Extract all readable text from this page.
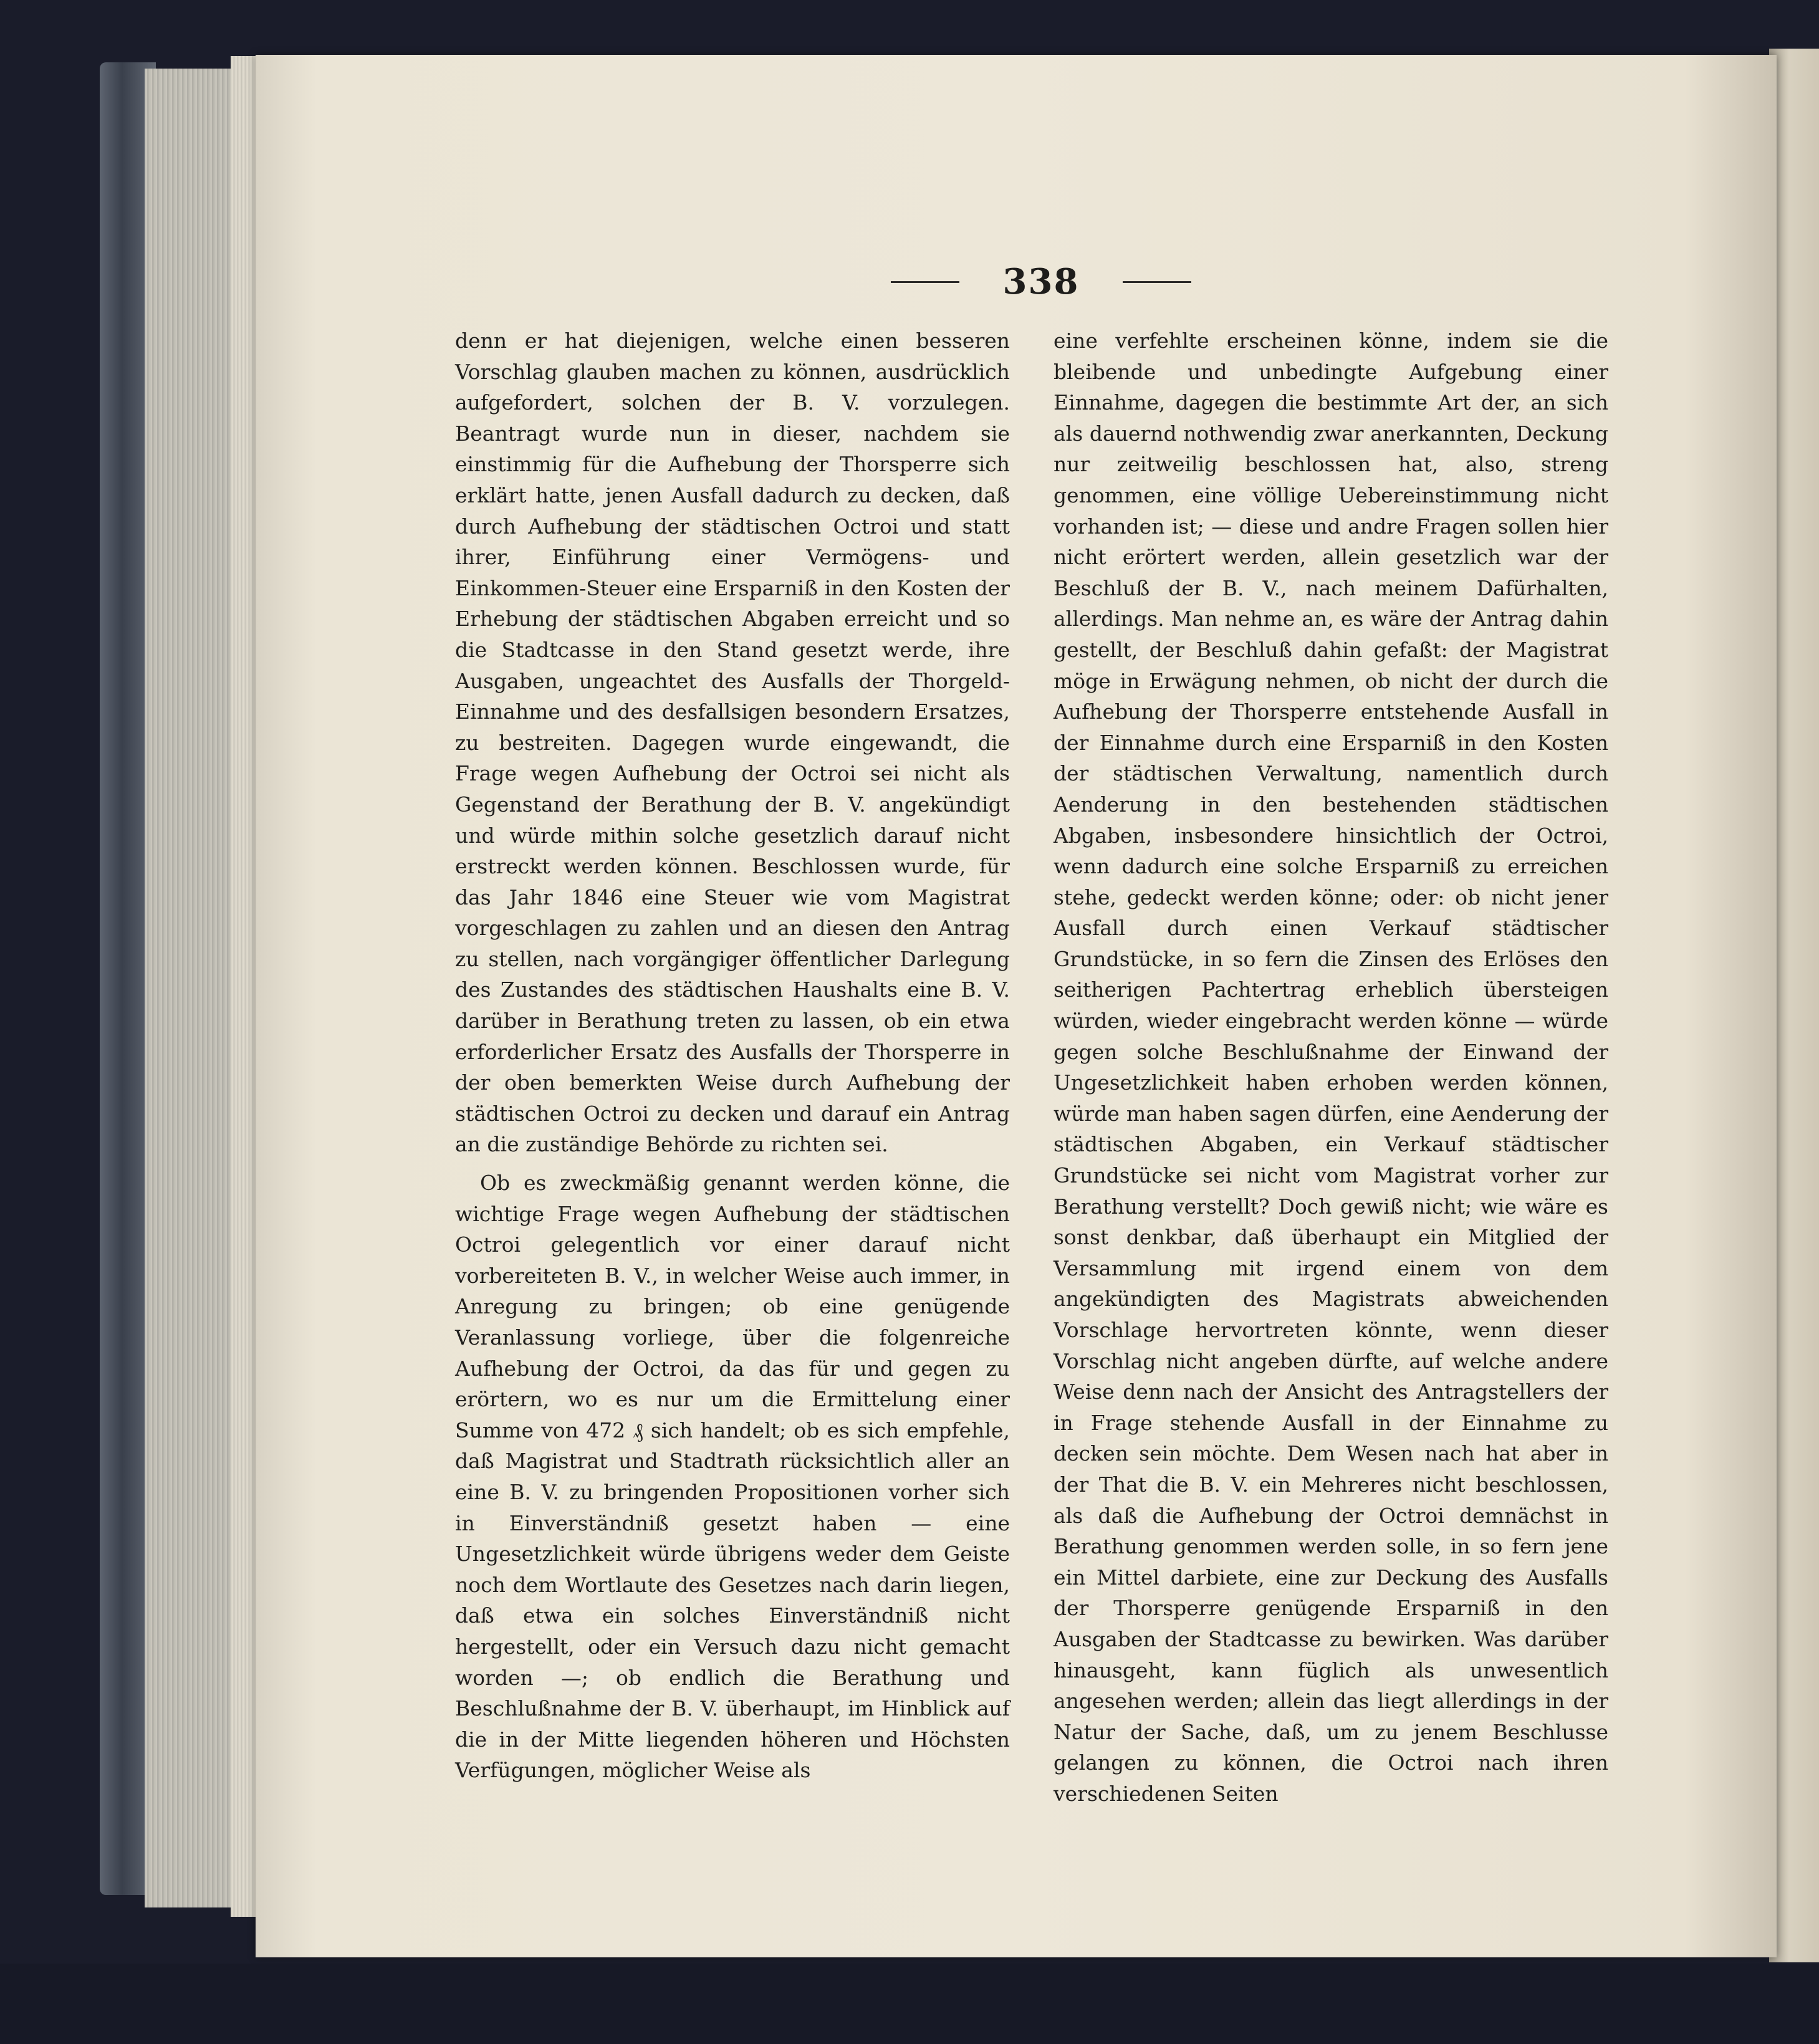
338

denn er hat diejenigen, welche einen besseren Vorschlag glauben machen zu können, ausdrücklich aufgefordert, solchen der B. V. vorzulegen. Beantragt wurde nun in dieser, nachdem sie einstimmig für die Aufhebung der Thorsperre sich erklärt hatte, jenen Ausfall dadurch zu decken, daß durch Aufhebung der städtischen Octroi und statt ihrer, Einführung einer Vermögens- und Einkommen-Steuer eine Ersparniß in den Kosten der Erhebung der städtischen Abgaben erreicht und so die Stadtcasse in den Stand gesetzt werde, ihre Ausgaben, ungeachtet des Ausfalls der Thorgeld-Einnahme und des desfallsigen besondern Ersatzes, zu bestreiten. Dagegen wurde eingewandt, die Frage wegen Aufhebung der Octroi sei nicht als Gegenstand der Berathung der B. V. angekündigt und würde mithin solche gesetzlich darauf nicht erstreckt werden können. Beschlossen wurde, für das Jahr 1846 eine Steuer wie vom Magistrat vorgeschlagen zu zahlen und an diesen den Antrag zu stellen, nach vorgängiger öffentlicher Darlegung des Zustandes des städtischen Haushalts eine B. V. darüber in Berathung treten zu lassen, ob ein etwa erforderlicher Ersatz des Ausfalls der Thorsperre in der oben bemerkten Weise durch Aufhebung der städtischen Octroi zu decken und darauf ein Antrag an die zuständige Behörde zu richten sei.

Ob es zweckmäßig genannt werden könne, die wichtige Frage wegen Aufhebung der städtischen Octroi gelegentlich vor einer darauf nicht vorbereiteten B. V., in welcher Weise auch immer, in Anregung zu bringen; ob eine genügende Veranlassung vorliege, über die folgenreiche Aufhebung der Octroi, da das für und gegen zu erörtern, wo es nur um die Ermittelung einer Summe von 472 ₰ sich handelt; ob es sich empfehle, daß Magistrat und Stadtrath rücksichtlich aller an eine B. V. zu bringenden Propositionen vorher sich in Einverständniß gesetzt haben — eine Ungesetzlichkeit würde übrigens weder dem Geiste noch dem Wortlaute des Gesetzes nach darin liegen, daß etwa ein solches Einverständniß nicht hergestellt, oder ein Versuch dazu nicht gemacht worden —; ob endlich die Berathung und Beschlußnahme der B. V. überhaupt, im Hinblick auf die in der Mitte liegenden höheren und Höchsten Verfügungen, möglicher Weise als

eine verfehlte erscheinen könne, indem sie die bleibende und unbedingte Aufgebung einer Einnahme, dagegen die bestimmte Art der, an sich als dauernd nothwendig zwar anerkannten, Deckung nur zeitweilig beschlossen hat, also, streng genommen, eine völlige Uebereinstimmung nicht vorhanden ist; — diese und andre Fragen sollen hier nicht erörtert werden, allein gesetzlich war der Beschluß der B. V., nach meinem Dafürhalten, allerdings. Man nehme an, es wäre der Antrag dahin gestellt, der Beschluß dahin gefaßt: der Magistrat möge in Erwägung nehmen, ob nicht der durch die Aufhebung der Thorsperre entstehende Ausfall in der Einnahme durch eine Ersparniß in den Kosten der städtischen Verwaltung, namentlich durch Aenderung in den bestehenden städtischen Abgaben, insbesondere hinsichtlich der Octroi, wenn dadurch eine solche Ersparniß zu erreichen stehe, gedeckt werden könne; oder: ob nicht jener Ausfall durch einen Verkauf städtischer Grundstücke, in so fern die Zinsen des Erlöses den seitherigen Pachtertrag erheblich übersteigen würden, wieder eingebracht werden könne — würde gegen solche Beschlußnahme der Einwand der Ungesetzlichkeit haben erhoben werden können, würde man haben sagen dürfen, eine Aenderung der städtischen Abgaben, ein Verkauf städtischer Grundstücke sei nicht vom Magistrat vorher zur Berathung verstellt? Doch gewiß nicht; wie wäre es sonst denkbar, daß überhaupt ein Mitglied der Versammlung mit irgend einem von dem angekündigten des Magistrats abweichenden Vorschlage hervortreten könnte, wenn dieser Vorschlag nicht angeben dürfte, auf welche andere Weise denn nach der Ansicht des Antragstellers der in Frage stehende Ausfall in der Einnahme zu decken sein möchte. Dem Wesen nach hat aber in der That die B. V. ein Mehreres nicht beschlossen, als daß die Aufhebung der Octroi demnächst in Berathung genommen werden solle, in so fern jene ein Mittel darbiete, eine zur Deckung des Ausfalls der Thorsperre genügende Ersparniß in den Ausgaben der Stadtcasse zu bewirken. Was darüber hinausgeht, kann füglich als unwesentlich angesehen werden; allein das liegt allerdings in der Natur der Sache, daß, um zu jenem Beschlusse gelangen zu können, die Octroi nach ihren verschiedenen Seiten
